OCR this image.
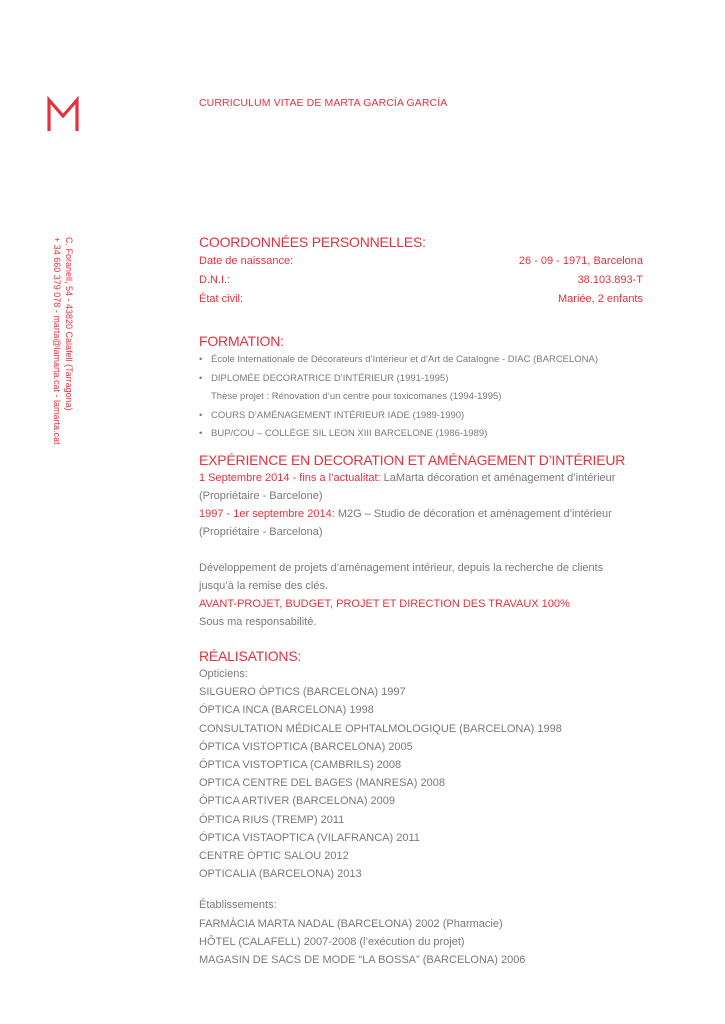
CURRICULUM VITAE DE MARTA GARCÍA GARCÍA
C. Foranell, 54 - 43820 Calafell (Tarragona)
+ 34 660 379 078 - marta@lamarta.cat - lamarta.cat	COORDONNÉES PERSONNELLES:
Date de naissance:	26 - 09 - 1971, Barcelona
D.N.I.:	38.103.893-T
État civil:	Mariée, 2 enfants
FORMATION:
• École Internationale de Décorateurs d’Intérieur et d’Art de Catalogne - DIAC (BARCELONA)
• DIPLOMÉE DECORATRICE D’INTÉRIEUR (1991-1995)
Thèse projet : Rénovation d’un centre pour toxicomanes (1994-1995)
• COURS D’AMÉNAGEMENT INTÉRIEUR IADE (1989-1990)
• BUP/COU – COLLÈGE SIL LEON XIII BARCELONE (1986-1989)
EXPÉRIENCE EN DECORATION ET AMÉNAGEMENT D’INTÉRIEUR
1 Septembre 2014 - fins a l’actualitat: LaMarta décoration et aménagement d’intérieur
(Propriétaire - Barcelone)
1997 - 1er septembre 2014: M2G – Studio de décoration et aménagement d’intérieur
(Propriétaire - Barcelona)
Développement de projets d’aménagement intérieur, depuis la recherche de clients
jusqu’à la remise des clés.
AVANT-PROJET, BUDGET, PROJET ET DIRECTION DES TRAVAUX 100%
Sous ma responsabilité.
RÉALISATIONS:
Opticiens:
SILGUERO ÒPTICS (BARCELONA) 1997
ÓPTICA INCA (BARCELONA) 1998
CONSULTATION MÉDICALE OPHTALMOLOGIQUE (BARCELONA) 1998
ÓPTICA VISTOPTICA (BARCELONA) 2005
ÓPTICA VISTOPTICA (CAMBRILS) 2008
OPTICA CENTRE DEL BAGES (MANRESA) 2008
ÓPTICA ARTIVER (BARCELONA) 2009
ÓPTICA RIUS (TREMP) 2011
ÓPTICA VISTAOPTICA (VILAFRANCA) 2011
CENTRE ÒPTIC SALOU 2012
OPTICALIA (BARCELONA) 2013
Établissements:
FARMÀCIA MARTA NADAL (BARCELONA) 2002 (Pharmacie)
HÔTEL (CALAFELL) 2007-2008 (l’exécution du projet)
MAGASIN DE SACS DE MODE “LA BOSSA” (BARCELONA) 2006
